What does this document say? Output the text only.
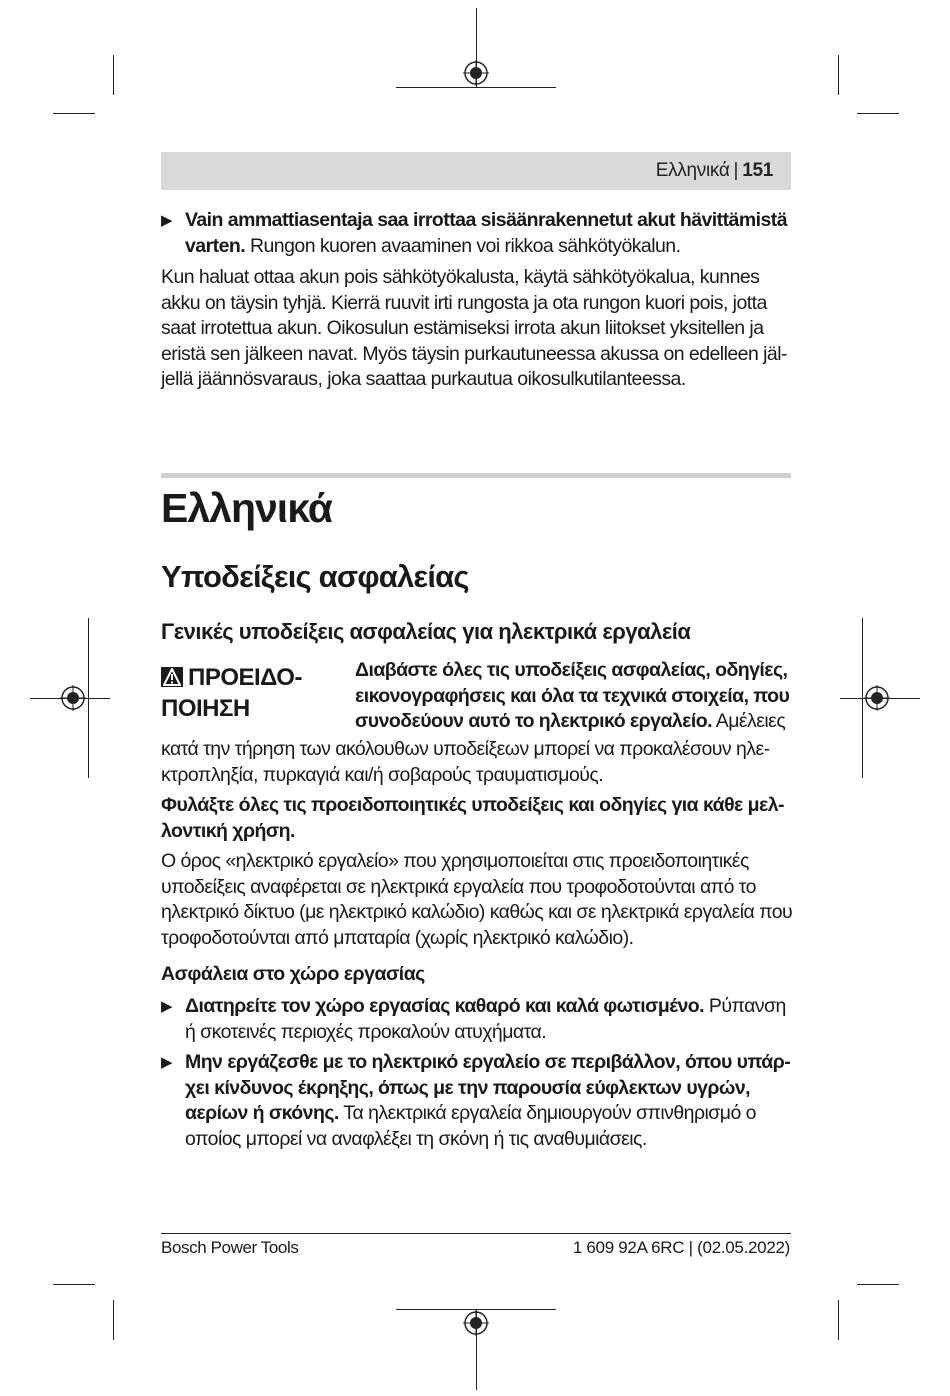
Ελληνικά | 151
▶ Vain ammattiasentaja saa irrottaa sisäänrakennetut akut hävittämistä varten. Rungon kuoren avaaminen voi rikkoa sähkötyökalun.
Kun haluat ottaa akun pois sähkötyökalusta, käytä sähkötyökalua, kunnes akku on täysin tyhjä. Kierrä ruuvit irti rungosta ja ota rungon kuori pois, jotta saat irrotettua akun. Oikosulun estämiseksi irrota akun liitokset yksitellen ja eristä sen jälkeen navat. Myös täysin purkautuneessa akussa on edelleen jäljellä jäännösvaraus, joka saattaa purkautua oikosulkutilanteessa.
Ελληνικά
Υποδείξεις ασφαλείας
Γενικές υποδείξεις ασφαλείας για ηλεκτρικά εργαλεία
ΠΡΟΕΙΔΟ-
ΠΟΙΗΣΗ
Διαβάστε όλες τις υποδείξεις ασφαλείας, οδηγίες, εικονογραφήσεις και όλα τα τεχνικά στοιχεία, που συνοδεύουν αυτό το ηλεκτρικό εργαλείο. Αμέλειες
κατά την τήρηση των ακόλουθων υποδείξεων μπορεί να προκαλέσουν ηλεκτροπληξία, πυρκαγιά και/ή σοβαρούς τραυματισμούς.
Φυλάξτε όλες τις προειδοποιητικές υποδείξεις και οδηγίες για κάθε μελλοντική χρήση.
Ο όρος «ηλεκτρικό εργαλείο» που χρησιμοποιείται στις προειδοποιητικές υποδείξεις αναφέρεται σε ηλεκτρικά εργαλεία που τροφοδοτούνται από το ηλεκτρικό δίκτυο (με ηλεκτρικό καλώδιο) καθώς και σε ηλεκτρικά εργαλεία που τροφοδοτούνται από μπαταρία (χωρίς ηλεκτρικό καλώδιο).
Ασφάλεια στο χώρο εργασίας
▶ Διατηρείτε τον χώρο εργασίας καθαρό και καλά φωτισμένο. Ρύπανση ή σκοτεινές περιοχές προκαλούν ατυχήματα.
▶ Μην εργάζεσθε με το ηλεκτρικό εργαλείο σε περιβάλλον, όπου υπάρχει κίνδυνος έκρηξης, όπως με την παρουσία εύφλεκτων υγρών, αερίων ή σκόνης. Τα ηλεκτρικά εργαλεία δημιουργούν σπινθηρισμό ο οποίος μπορεί να αναφλέξει τη σκόνη ή τις αναθυμιάσεις.
Bosch Power Tools	1 609 92A 6RC | (02.05.2022)
